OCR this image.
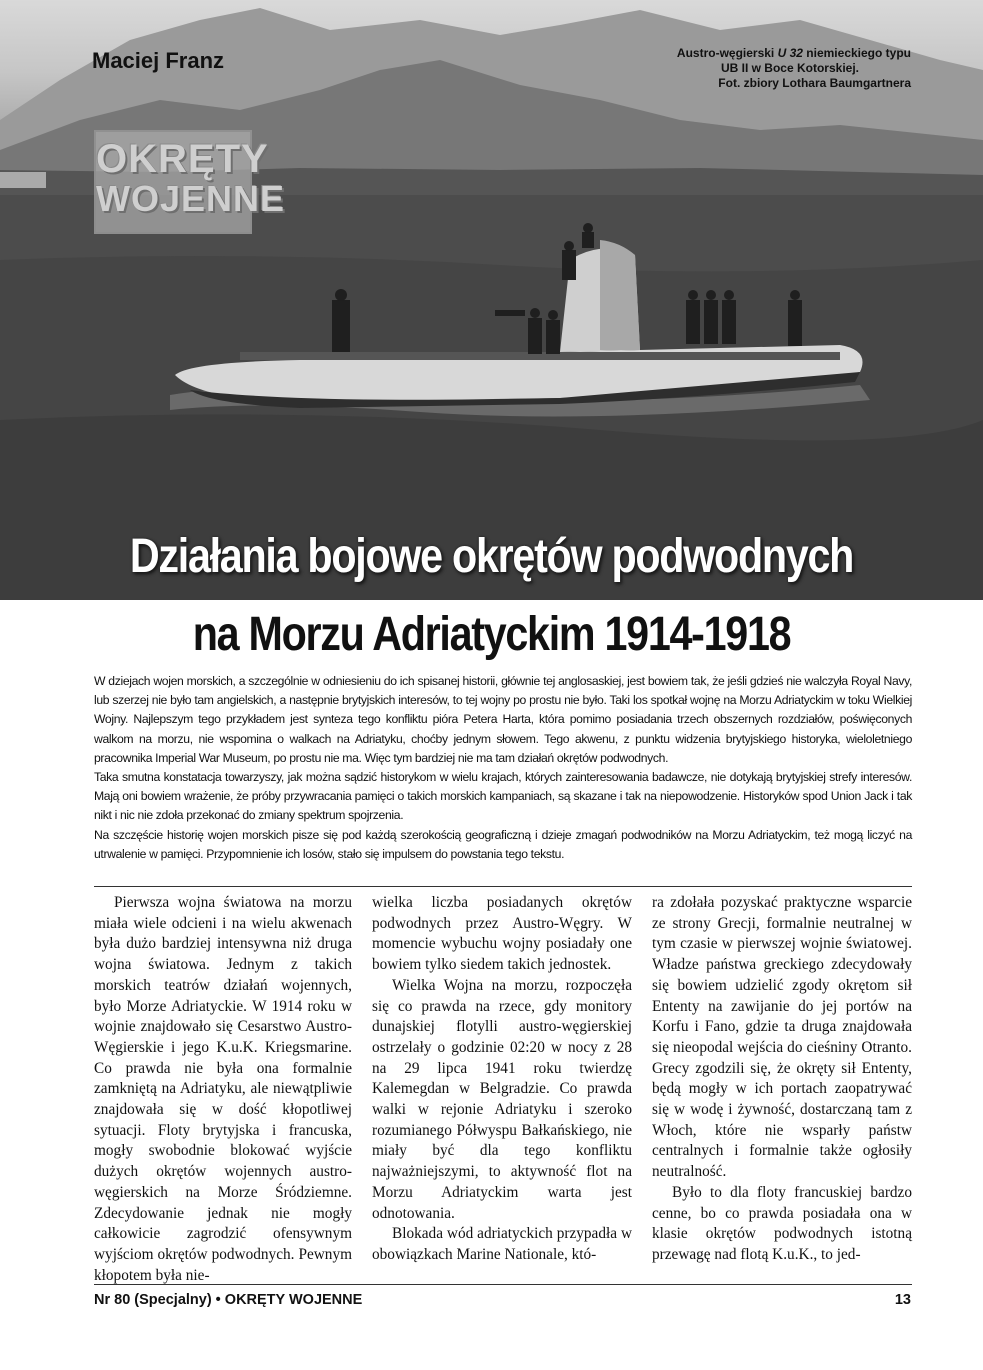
Maciej Franz	Austro-węgierski U 32 niemieckiego typu

UB II w Boce Kotorskiej.
Fot. zbiory Lothara Baumgartnera

OKRĘTY
WOJENNE
Działania bojowe okrętów podwodnych
na Morzu Adriatyckim 1914-1918

W dziejach wojen morskich, a szczególnie w odniesieniu do ich spisanej historii, głównie tej anglosaskiej, jest bowiem tak, że jeśli gdzieś nie walczyła Royal Navy, lub szerzej nie było tam angielskich, a następnie brytyjskich interesów, to tej wojny po prostu nie było. Taki los spotkał wojnę na Morzu Adriatyckim w toku Wielkiej Wojny. Najlepszym tego przykładem jest synteza tego konfliktu pióra Petera Harta, która pomimo posiadania trzech obszernych rozdziałów, poświęconych walkom na morzu, nie wspomina o walkach na Adriatyku, choćby jednym słowem. Tego akwenu, z punktu widzenia brytyjskiego historyka, wieloletniego pracownika Imperial War Museum, po prostu nie ma. Więc tym bardziej nie ma tam działań okrętów podwodnych.

Taka smutna konstatacja towarzyszy, jak można sądzić historykom w wielu krajach, których zainteresowania badawcze, nie dotykają brytyjskiej strefy interesów. Mają oni bowiem wrażenie, że próby przywracania pamięci o takich morskich kampaniach, są skazane i tak na niepowodzenie. Historyków spod Union Jack i tak nikt i nic nie zdoła przekonać do zmiany spektrum spojrzenia.

Na szczęście historię wojen morskich pisze się pod każdą szerokością geograficzną i dzieje zmagań podwodników na Morzu Adriatyckim, też mogą liczyć na utrwalenie w pamięci. Przypomnienie ich losów, stało się impulsem do powstania tego tekstu.

Pierwsza wojna światowa na morzu miała wiele odcieni i na wielu akwenach była dużo bardziej intensywna niż druga wojna światowa. Jednym z takich morskich teatrów działań wojennych, było Morze Adriatyckie. W 1914 roku w wojnie znajdowało się Cesarstwo Austro-Węgierskie i jego K.u.K. Kriegsmarine. Co prawda nie była ona formalnie zamkniętą na Adriatyku, ale niewątpliwie znajdowała się w dość kłopotliwej sytuacji. Floty brytyjska i francuska, mogły swobodnie blokować wyjście dużych okrętów wojennych austro-węgierskich na Morze Śródziemne. Zdecydowanie jednak nie mogły całkowicie zagrodzić ofensywnym wyjściom okrętów podwodnych. Pewnym kłopotem była nie-

wielka liczba posiadanych okrętów podwodnych przez Austro-Węgry. W momencie wybuchu wojny posiadały one bowiem tylko siedem takich jednostek.

Wielka Wojna na morzu, rozpoczęła się co prawda na rzece, gdy monitory dunajskiej flotylli austro-węgierskiej ostrzelały o godzinie 02:20 w nocy z 28 na 29 lipca 1941 roku twierdzę Kalemegdan w Belgradzie. Co prawda walki w rejonie Adriatyku i szeroko rozumianego Półwyspu Bałkańskiego, nie miały być dla tego konfliktu najważniejszymi, to aktywność flot na Morzu Adriatyckim warta jest odnotowania.

Blokada wód adriatyckich przypadła w obowiązkach Marine Nationale, któ-

ra zdołała pozyskać praktyczne wsparcie ze strony Grecji, formalnie neutralnej w tym czasie w pierwszej wojnie światowej. Władze państwa greckiego zdecydowały się bowiem udzielić zgody okrętom sił Ententy na zawijanie do jej portów na Korfu i Fano, gdzie ta druga znajdowała się nieopodal wejścia do cieśniny Otranto. Grecy zgodzili się, że okręty sił Ententy, będą mogły w ich portach zaopatrywać się w wodę i żywność, dostarczaną tam z Włoch, które nie wsparły państw centralnych i formalnie także ogłosiły neutralność.

Było to dla floty francuskiej bardzo cenne, bo co prawda posiadała ona w klasie okrętów podwodnych istotną przewagę nad flotą K.u.K., to jed-

Nr 80 (Specjalny) • OKRĘTY WOJENNE	13
